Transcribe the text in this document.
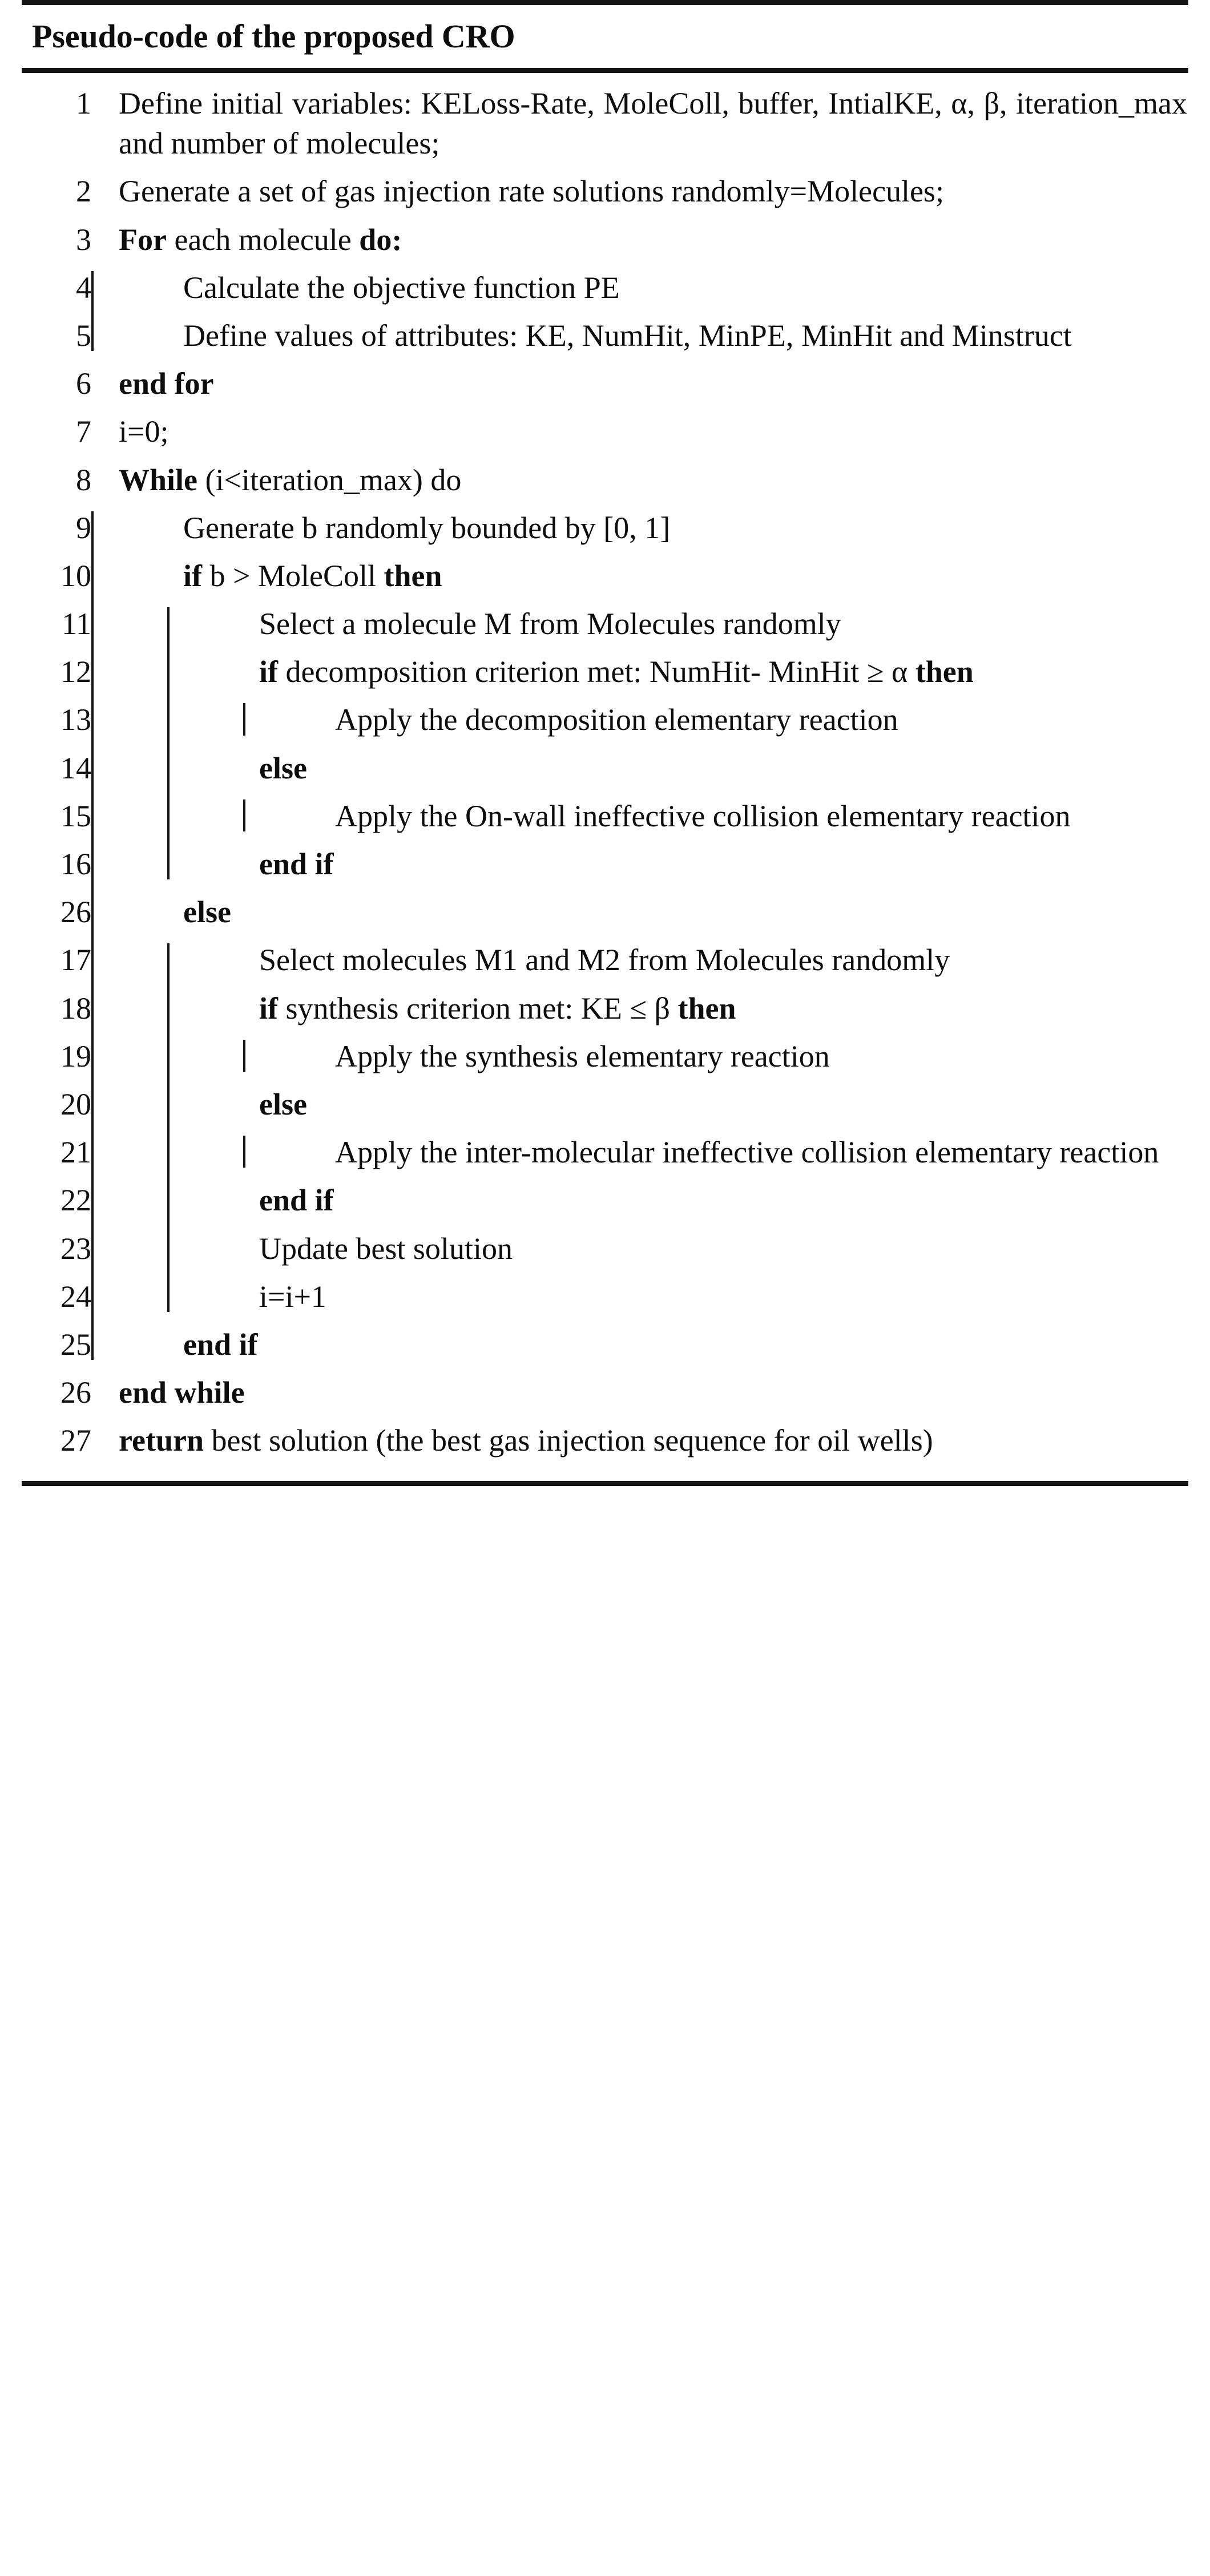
Pseudo-code of the proposed CRO
1 Define initial variables: KELoss-Rate, MoleColl, buffer, IntialKE, α, β, iteration_max and number of molecules;
2 Generate a set of gas injection rate solutions randomly=Molecules;
3 For each molecule do:
4	Calculate the objective function PE
5	Define values of attributes: KE, NumHit, MinPE, MinHit and Minstruct
6 end for
7 i=0;
8 While (i<iteration_max) do
9	Generate b randomly bounded by [0, 1]
10	if b > MoleColl then
11	Select a molecule M from Molecules randomly
12	if decomposition criterion met: NumHit- MinHit ≥ α then
13	Apply the decomposition elementary reaction
14	else
15	Apply the On-wall ineffective collision elementary reaction
16	end if
26	else
17	Select molecules M1 and M2 from Molecules randomly
18	if synthesis criterion met: KE ≤ β then
19	Apply the synthesis elementary reaction
20	else
21	Apply the inter-molecular ineffective collision elementary reaction
22	end if
23	Update best solution
24	i=i+1
25	end if
26 end while
27 return best solution (the best gas injection sequence for oil wells)
